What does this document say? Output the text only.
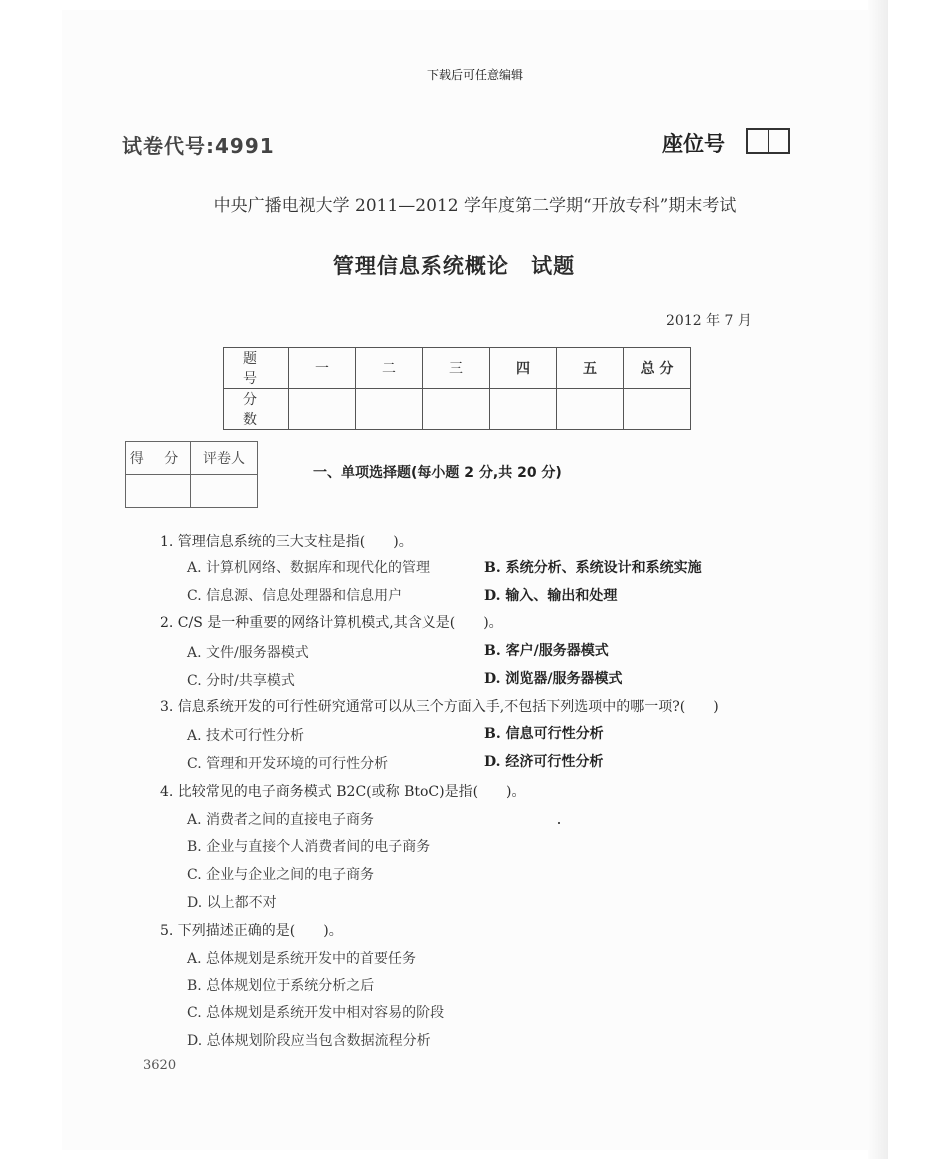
下载后可任意编辑
试卷代号:4991	座位号
中央广播电视大学 2011—2012 学年度第二学期“开放专科”期末考试
管理信息系统概论 试题
2012 年 7 月
题 号	一	二	三	四	五	总 分
分 数						
得 分	评卷人

一、单项选择题(每小题 2 分,共 20 分)
1. 管理信息系统的三大支柱是指(　　)。
A. 计算机网络、数据库和现代化的管理	B. 系统分析、系统设计和系统实施
C. 信息源、信息处理器和信息用户	D. 输入、输出和处理
2. C/S 是一种重要的网络计算机模式,其含义是(　　)。
A. 文件/服务器模式	B. 客户/服务器模式
C. 分时/共享模式	D. 浏览器/服务器模式
3. 信息系统开发的可行性研究通常可以从三个方面入手,不包括下列选项中的哪一项?(　　)
A. 技术可行性分析	B. 信息可行性分析
C. 管理和开发环境的可行性分析	D. 经济可行性分析
4. 比较常见的电子商务模式 B2C(或称 BtoC)是指(　　)。
A. 消费者之间的直接电子商务
B. 企业与直接个人消费者间的电子商务
C. 企业与企业之间的电子商务
D. 以上都不对
5. 下列描述正确的是(　　)。
A. 总体规划是系统开发中的首要任务
B. 总体规划位于系统分析之后
C. 总体规划是系统开发中相对容易的阶段
D. 总体规划阶段应当包含数据流程分析
3620
